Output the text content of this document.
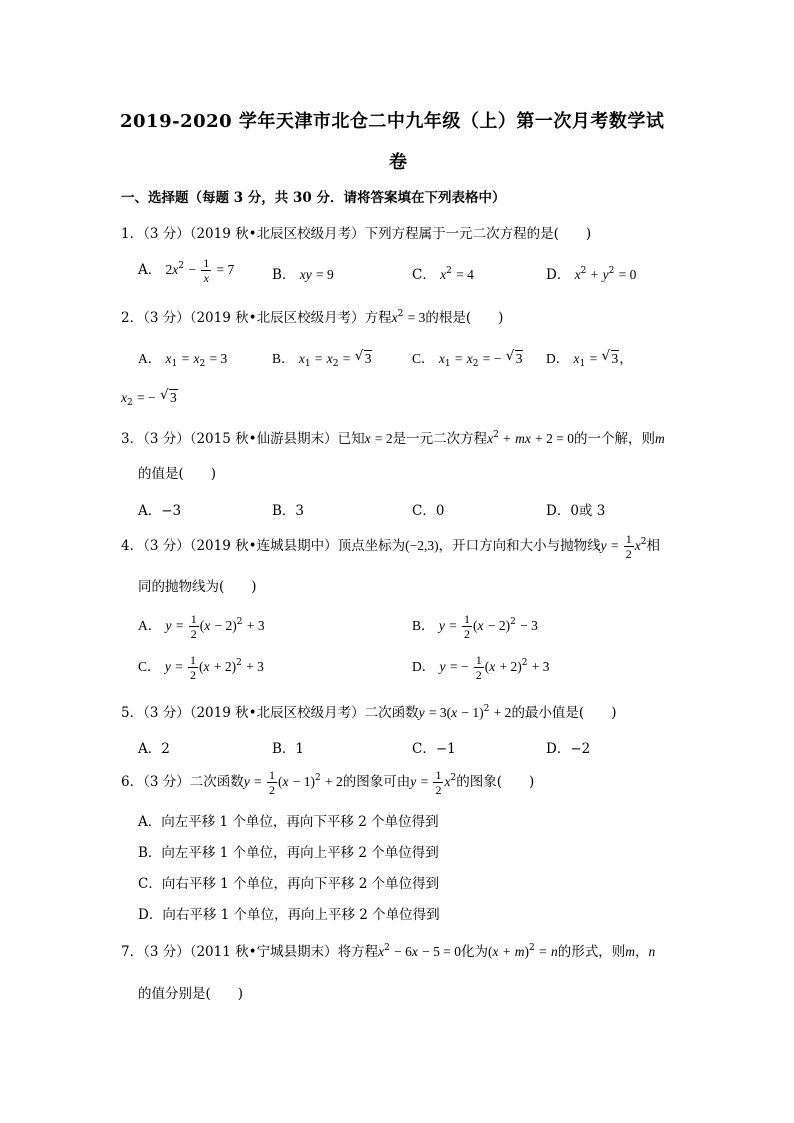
2019-2020 学年天津市北仓二中九年级（上）第一次月考数学试
卷
一、选择题（每题 3 分，共 30 分．请将答案填在下列表格中）
1．（3 分）（2019 秋•北辰区校级月考）下列方程属于一元二次方程的是(　　)
A． $2x^2 - \frac{1}{x} = 7$	B． xy = 9	C． $x^2 = 4$	D． $x^2 + y^2 = 0$
2．（3 分）（2019 秋•北辰区校级月考）方程$x^2 = 3$的根是(　　)
A． $x_1 = x_2 = 3$	B． $x_1 = x_2$ = √ 3	C． $x_1 = x_2$ = − √ 3 D． $x_1$ = √ 3，
$x_2$ = − √ 3
3．（3 分）（2015 秋•仙游县期末）已知x = 2是一元二次方程$x^2$ + mx + 2 = 0的一个解，则m
的值是(　　)
A．−3	B．3	C．0	D．0或 3
4．（3 分）（2019 秋•连城县期中）顶点坐标为(−2,3)，开口方向和大小与抛物线$y = \frac{1}{2} x^2$相
同的抛物线为(　　)
A． $y = \frac{1}{2} (x - 2)^2 + 3$	B． $y = \frac{1}{2} (x - 2)^2 - 3$
C． $y = \frac{1}{2} (x + 2)^2 + 3$	D． y = − $\frac{1}{2} (x + 2)^2 + 3$
5．（3 分）（2019 秋•北辰区校级月考）二次函数$y = 3(x - 1)^2 + 2$的最小值是(　　)
A．2	B．1	C．−1	D．−2
6．（3 分）二次函数$y = \frac{1}{2} (x - 1)^2 + 2$的图象可由$y = \frac{1}{2} x^2$的图象(　　)
A．向左平移 1 个单位，再向下平移 2 个单位得到
B．向左平移 1 个单位，再向上平移 2 个单位得到
C．向右平移 1 个单位，再向下平移 2 个单位得到
D．向右平移 1 个单位，再向上平移 2 个单位得到
7．（3 分）（2011 秋•宁城县期末）将方程$x^2 - 6x - 5 = 0$化为$(x + m)^2 = n$的形式，则m，n
的值分别是(　　)
